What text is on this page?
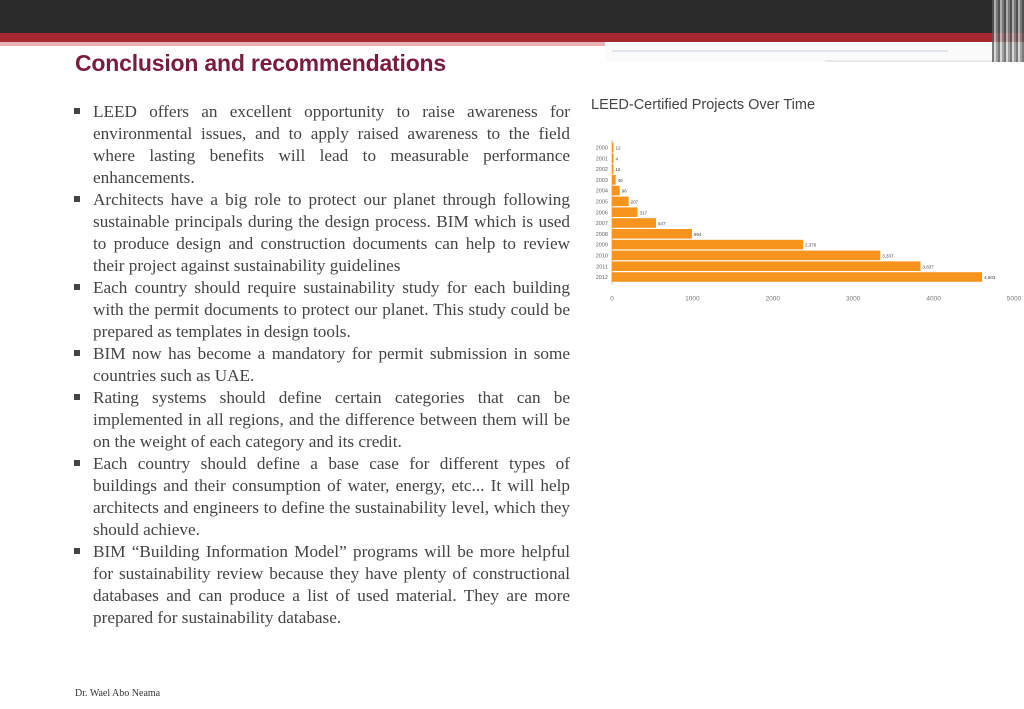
Conclusion and recommendations
LEED offers an excellent opportunity to raise awareness for environmental issues, and to apply raised awareness to the field where lasting benefits will lead to measurable performance enhancements.
Architects have a big role to protect our planet through following sustainable principals during the design process. BIM which is used to produce design and construction documents can help to review their project against sustainability guidelines
Each country should require sustainability study for each building with the permit documents to protect our planet. This study could be prepared as templates in design tools.
BIM now has become a mandatory for permit submission in some countries such as UAE.
Rating systems should define certain categories that can be implemented in all regions, and the difference between them will be on the weight of each category and its credit.
Each country should define a base case for different types of buildings and their consumption of water, energy, etc... It will help architects and engineers to define the sustainability level, which they should achieve.
BIM “Building Information Model” programs will be more helpful for sustainability review because they have plenty of constructional databases and can produce a list of used material. They are more prepared for sustainability database.
LEED-Certified Projects Over Time
2000 12
2001 4
2002 16
2003 46
2004	96
2005	207
2006	317
2007	547
2008	994
2009	2,376
2010	3,337
2011	3,837
2012	4,603
0	1000	2000	3000	4000	5000
Dr. Wael Abo Neama
